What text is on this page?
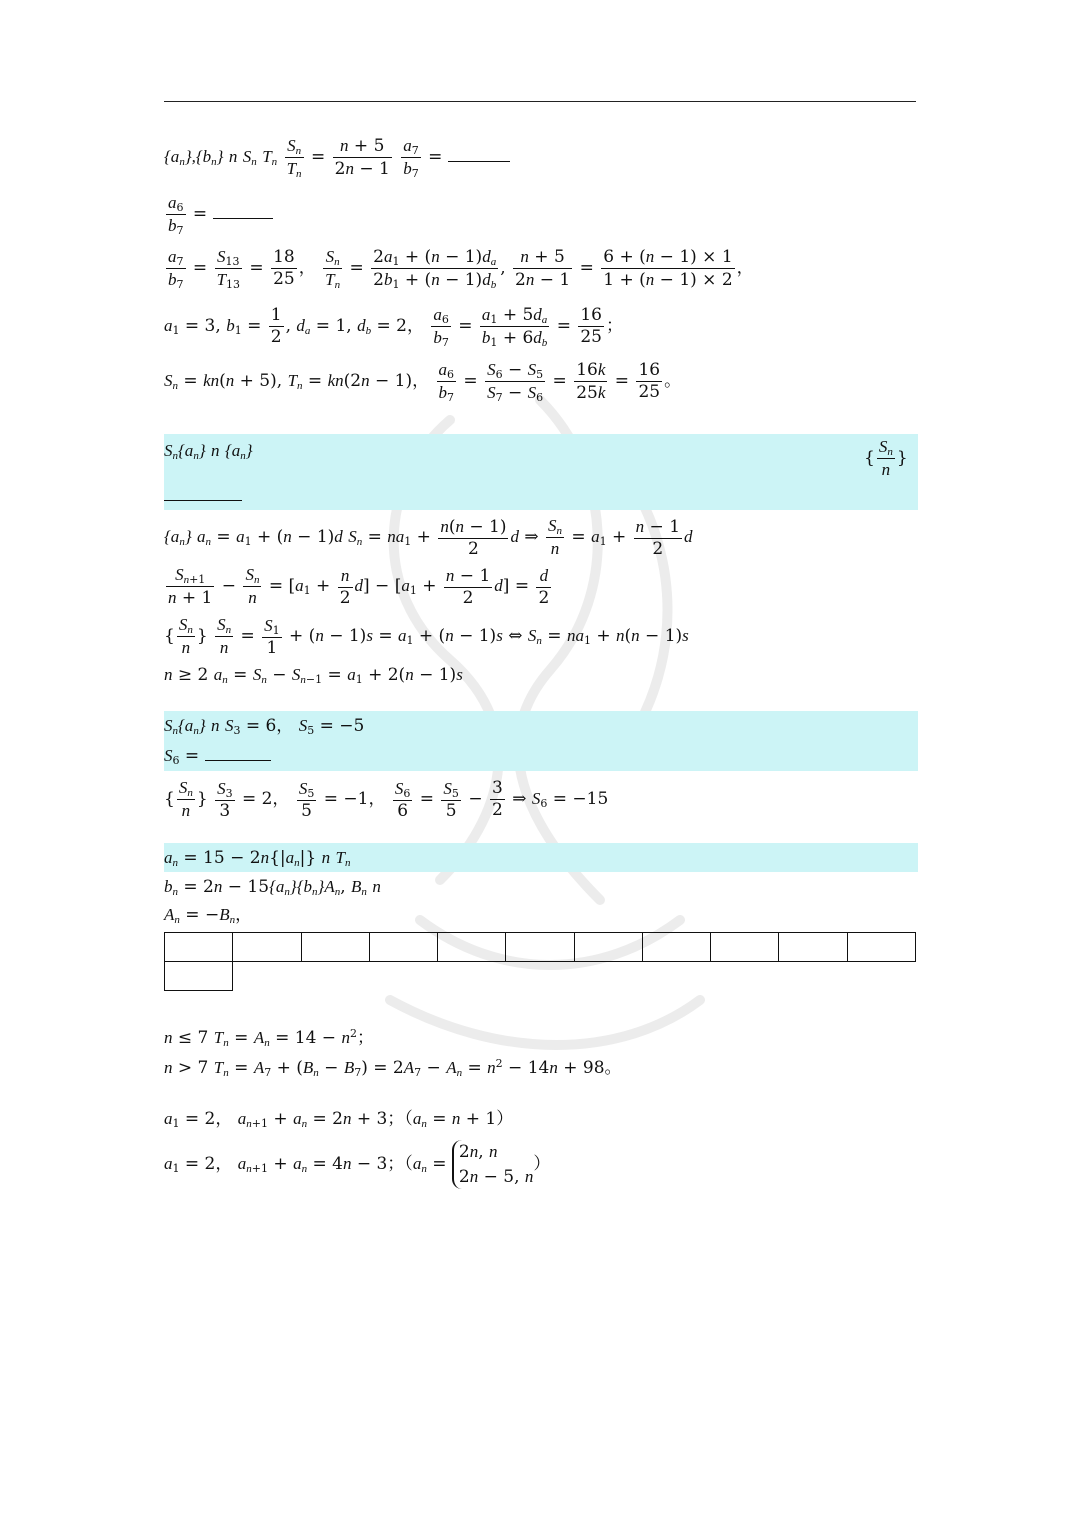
$\{a_n\},\{b_n\}$ n $S_n$ $T_n \frac{S_n}{T_n} = \frac{n + 5}{2n - 1}$
$\frac{a_7}{b_7}$ =
$\frac{a_6}{b_7}$ =
$\frac{a_7}{b_7} = \frac{S_{13}}{T_{13}} = \frac{18}{25}$ ， $\frac{S_n}{T_n} = \frac{2a_1 + (n - 1)d_a}{2b_1 + (n - 1)d_b}$ , $\frac{n + 5}{2n - 1} = \frac{6 + (n - 1) \times 1}{1 + (n - 1) \times 2}$ ，
$a_1 = 3$, $b_1 = \frac{1}{2}$ , $d_a = 1$, $d_b = 2$， $\frac{a_6}{b_7} = \frac{a_1 + 5d_a}{b_1 + 6d_b} = \frac{16}{25}$ ；
$S_n = kn(n + 5)$, $T_n = kn(2n - 1)$， $\frac{a_6}{b_7} = \frac{S_6 - S_5}{S_7 - S_6} = \frac{16k}{25k} = \frac{16}{25}$ 。
$S_n\{a_n\}$ n $\{a_n\}$	{ $\frac{S_n}{n}$ }
$\{a_n\} a_n = a_1 + (n - 1)d$ $S_n = na_1 + \frac{n(n - 1)}{2}$ d ⇒ $\frac{S_n}{n} = a_1 + \frac{n - 1}{2}$ d
$\frac{S_{n+1}}{n + 1} - \frac{S_n}{n} = [a_1 + \frac{n}{2} d] - [a_1 + \frac{n - 1}{2} d] = \frac{d}{2}$
{ $\frac{S_n}{n}$ } $\frac{S_n}{n} = \frac{S_1}{1} + (n - 1)s = a_1 + (n - 1)s$ ⇔ $S_n = na_1 + n(n - 1)s$
n ≥ 2 $a_n = S_n - S_{n-1} = a_1 + 2(n - 1)s$
$S_n\{a_n\}$ n $S_3 = 6$， $S_5 = -5$
$S_6$ =
{ $\frac{S_n}{n}$ } $\frac{S_3}{3} = 2$， $\frac{S_5}{5} = -1$， $\frac{S_6}{6} = \frac{S_5}{5} - \frac{3}{2}$ ⇒ $S_6 = -15$
$a_n = 15 - 2n\{|a_n|\}$ n $T_n$
$b_n = 2n - 15\{a_n\}\{b_n\}A_n$, $B_n$ n
$A_n = -B_n$，

n ≤ 7 $T_n = A_n = 14 - n^2$；
n > 7 $T_n = A_7 + (B_n - B_7) = 2A_7 - A_n = n^2 - 14n + 98$。
$a_1 = 2$， $a_{n+1} + a_n = 2n + 3$；$(a_n = n + 1)$
$a_1 = 2$， $a_{n+1} + a_n = 4n - 3$；（$a_n = 2n$, n
2n − 5, n）
